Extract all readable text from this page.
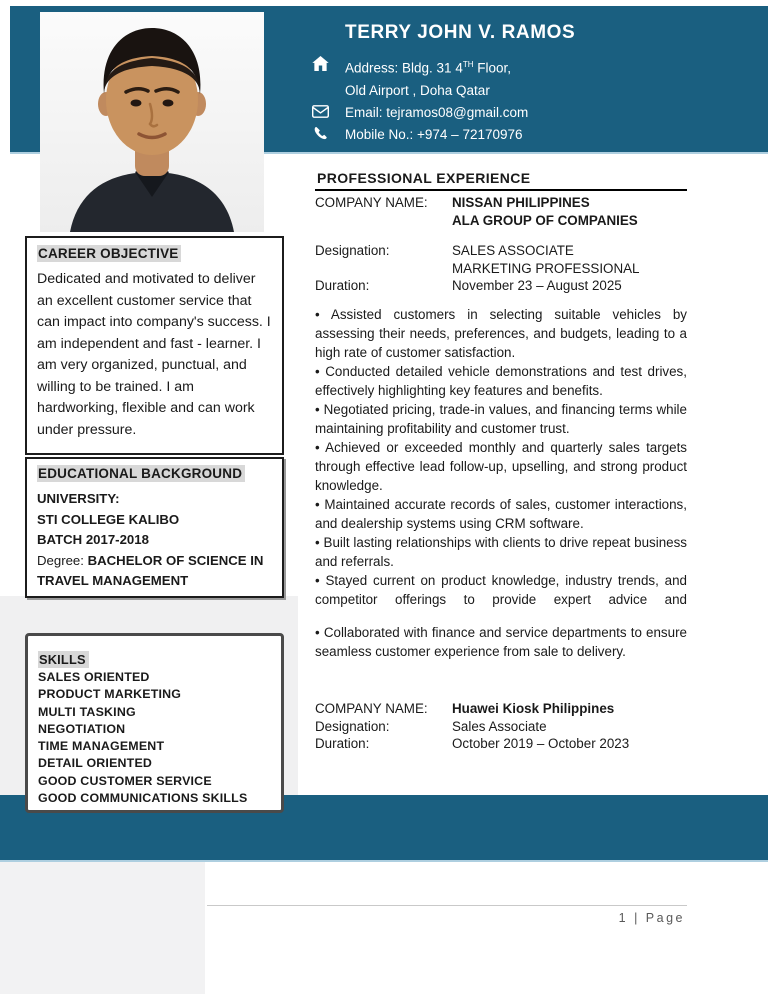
TERRY JOHN V. RAMOS
Address: Bldg. 31 4TH Floor,
Old Airport , Doha Qatar
Email: tejramos08@gmail.com
Mobile No.: +974 – 72170976
CAREER OBJECTIVE
Dedicated and motivated to deliver an excellent customer service that can impact into company's success. I am independent and fast - learner. I am very organized, punctual, and willing to be trained. I am hardworking, flexible and can work under pressure.
EDUCATIONAL BACKGROUND
UNIVERSITY:
STI COLLEGE KALIBO
BATCH 2017-2018
Degree: BACHELOR OF SCIENCE IN TRAVEL MANAGEMENT
SKILLS
SALES ORIENTED
PRODUCT MARKETING
MULTI TASKING
NEGOTIATION
TIME MANAGEMENT
DETAIL ORIENTED
GOOD CUSTOMER SERVICE
GOOD COMMUNICATIONS SKILLS
PROFESSIONAL EXPERIENCE
COMPANY NAME:	NISSAN PHILIPPINES
ALA GROUP OF COMPANIES
Designation:	SALES ASSOCIATE
MARKETING PROFESSIONAL
Duration:	November 23 – August 2025
• Assisted customers in selecting suitable vehicles by assessing their needs, preferences, and budgets, leading to a high rate of customer satisfaction.
• Conducted detailed vehicle demonstrations and test drives, effectively highlighting key features and benefits.
• Negotiated pricing, trade-in values, and financing terms while maintaining profitability and customer trust.
• Achieved or exceeded monthly and quarterly sales targets through effective lead follow-up, upselling, and strong product knowledge.
• Maintained accurate records of sales, customer interactions, and dealership systems using CRM software.
• Built lasting relationships with clients to drive repeat business and referrals.
• Stayed current on product knowledge, industry trends, and competitor offerings to provide expert advice and
• Collaborated with finance and service departments to ensure seamless customer experience from sale to delivery.
COMPANY NAME:	Huawei Kiosk Philippines
Designation:	Sales Associate
Duration:	October 2019 – October 2023
1 | Page
